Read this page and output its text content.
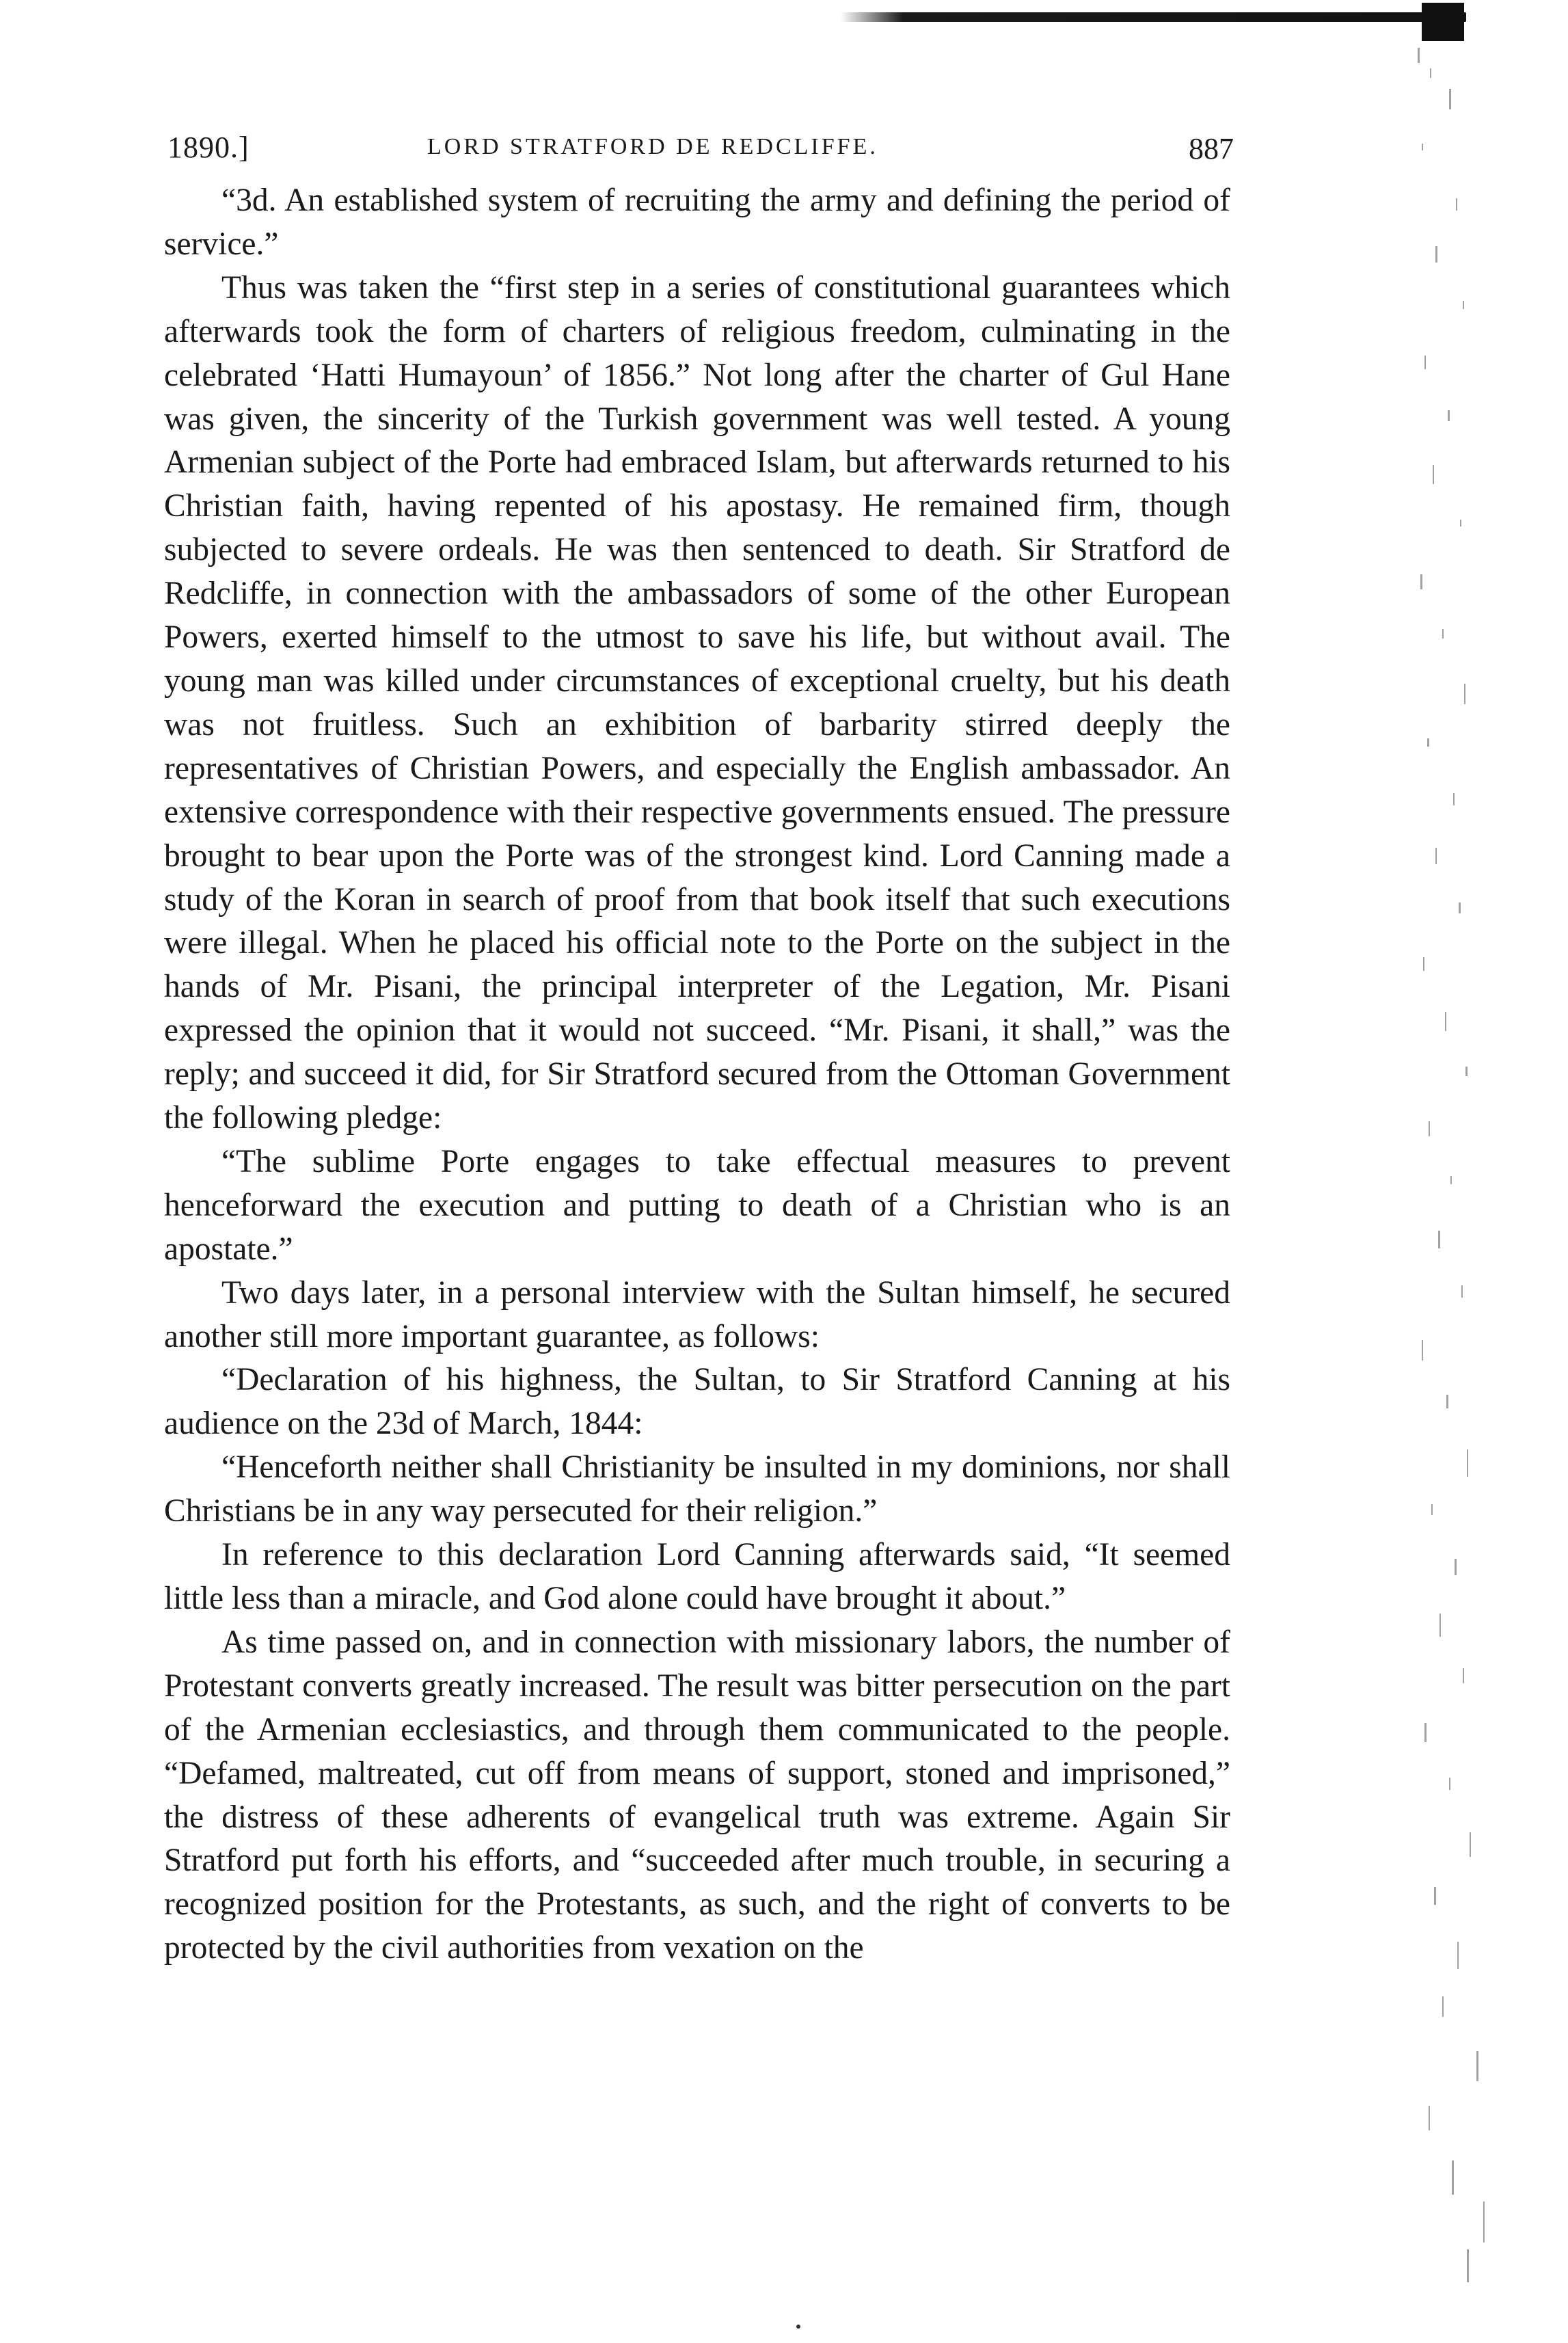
1890.]	LORD STRATFORD DE REDCLIFFE.	887

“3d. An established system of recruiting the army and defining the period of service.”

Thus was taken the “first step in a series of constitutional guarantees which afterwards took the form of charters of religious freedom, culminating in the celebrated ‘Hatti Humayoun’ of 1856.” Not long after the charter of Gul Hane was given, the sincerity of the Turkish government was well tested. A young Armenian subject of the Porte had embraced Islam, but afterwards returned to his Christian faith, having repented of his apostasy. He remained firm, though subjected to severe ordeals. He was then sentenced to death. Sir Stratford de Redcliffe, in connection with the ambassadors of some of the other European Powers, exerted himself to the utmost to save his life, but without avail. The young man was killed under circumstances of exceptional cruelty, but his death was not fruitless. Such an exhibition of barbarity stirred deeply the representatives of Christian Powers, and especially the English ambassador. An extensive correspondence with their respective governments ensued. The pressure brought to bear upon the Porte was of the strongest kind. Lord Canning made a study of the Koran in search of proof from that book itself that such executions were illegal. When he placed his official note to the Porte on the subject in the hands of Mr. Pisani, the principal interpreter of the Legation, Mr. Pisani expressed the opinion that it would not succeed. “Mr. Pisani, it shall,” was the reply; and succeed it did, for Sir Stratford secured from the Ottoman Government the following pledge:

“The sublime Porte engages to take effectual measures to prevent henceforward the execution and putting to death of a Christian who is an apostate.”

Two days later, in a personal interview with the Sultan himself, he secured another still more important guarantee, as follows:

“Declaration of his highness, the Sultan, to Sir Stratford Canning at his audience on the 23d of March, 1844:

“Henceforth neither shall Christianity be insulted in my dominions, nor shall Christians be in any way persecuted for their religion.”

In reference to this declaration Lord Canning afterwards said, “It seemed little less than a miracle, and God alone could have brought it about.”

As time passed on, and in connection with missionary labors, the number of Protestant converts greatly increased. The result was bitter persecution on the part of the Armenian ecclesiastics, and through them communicated to the people. “Defamed, maltreated, cut off from means of support, stoned and imprisoned,” the distress of these adherents of evangelical truth was extreme. Again Sir Stratford put forth his efforts, and “succeeded after much trouble, in securing a recognized position for the Protestants, as such, and the right of converts to be protected by the civil authorities from vexation on the
